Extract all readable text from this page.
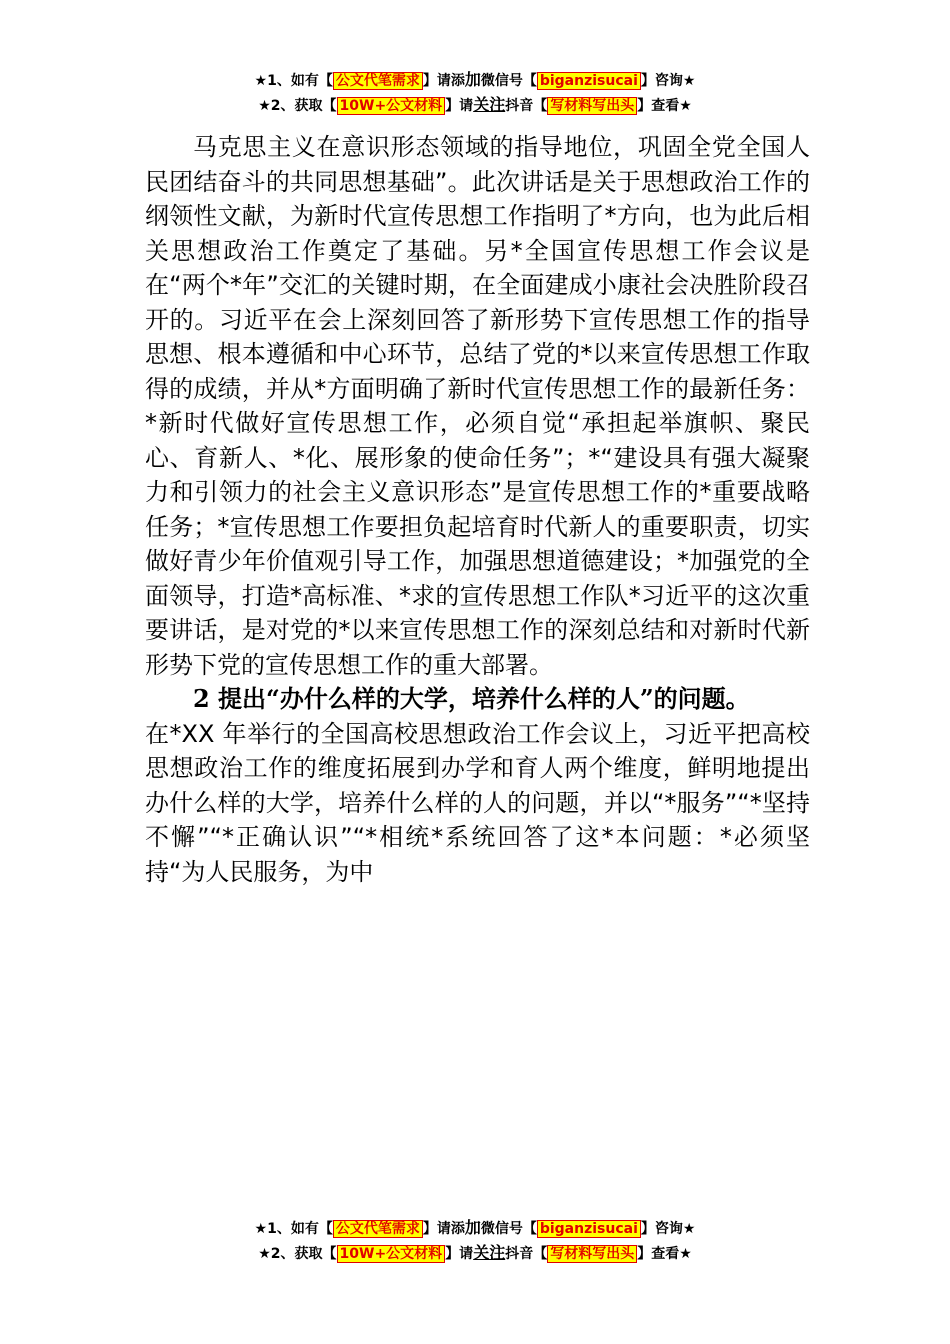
★1、如有【 公文代笔需求 】请添加微信号【 biganzisucai 】咨询★
★2、获取【 10W+公文材料 】请关注抖音【 写材料写出头 】查看★

马克思主义在意识形态领域的指导地位，巩固全党全国人民团结奋斗的共同思想基础”。此次讲话是关于思想政治工作的纲领性文献，为新时代宣传思想工作指明了*方向，也为此后相关思想政治工作奠定了基础。另*全国宣传思想工作会议是在“两个*年”交汇的关键时期，在全面建成小康社会决胜阶段召开的。习近平在会上深刻回答了新形势下宣传思想工作的指导思想、根本遵循和中心环节，总结了党的*以来宣传思想工作取得的成绩，并从*方面明确了新时代宣传思想工作的最新任务：*新时代做好宣传思想工作，必须自觉“承担起举旗帜、聚民心、育新人、*化、展形象的使命任务”；*“建设具有强大凝聚力和引领力的社会主义意识形态”是宣传思想工作的*重要战略任务；*宣传思想工作要担负起培育时代新人的重要职责，切实做好青少年价值观引导工作，加强思想道德建设；*加强党的全面领导，打造*高标准、*求的宣传思想工作队*习近平的这次重要讲话，是对党的*以来宣传思想工作的深刻总结和对新时代新形势下党的宣传思想工作的重大部署。

2 提出“办什么样的大学，培养什么样的人”的问题。

在*XX 年举行的全国高校思想政治工作会议上，习近平把高校思想政治工作的维度拓展到办学和育人两个维度，鲜明地提出办什么样的大学，培养什么样的人的问题，并以“*服务”“*坚持不懈”“*正确认识”“*相统*系统回答了这*本问题：*必须坚持“为人民服务，为中

★1、如有【 公文代笔需求 】请添加微信号【 biganzisucai 】咨询★
★2、获取【 10W+公文材料 】请关注抖音【 写材料写出头 】查看★
